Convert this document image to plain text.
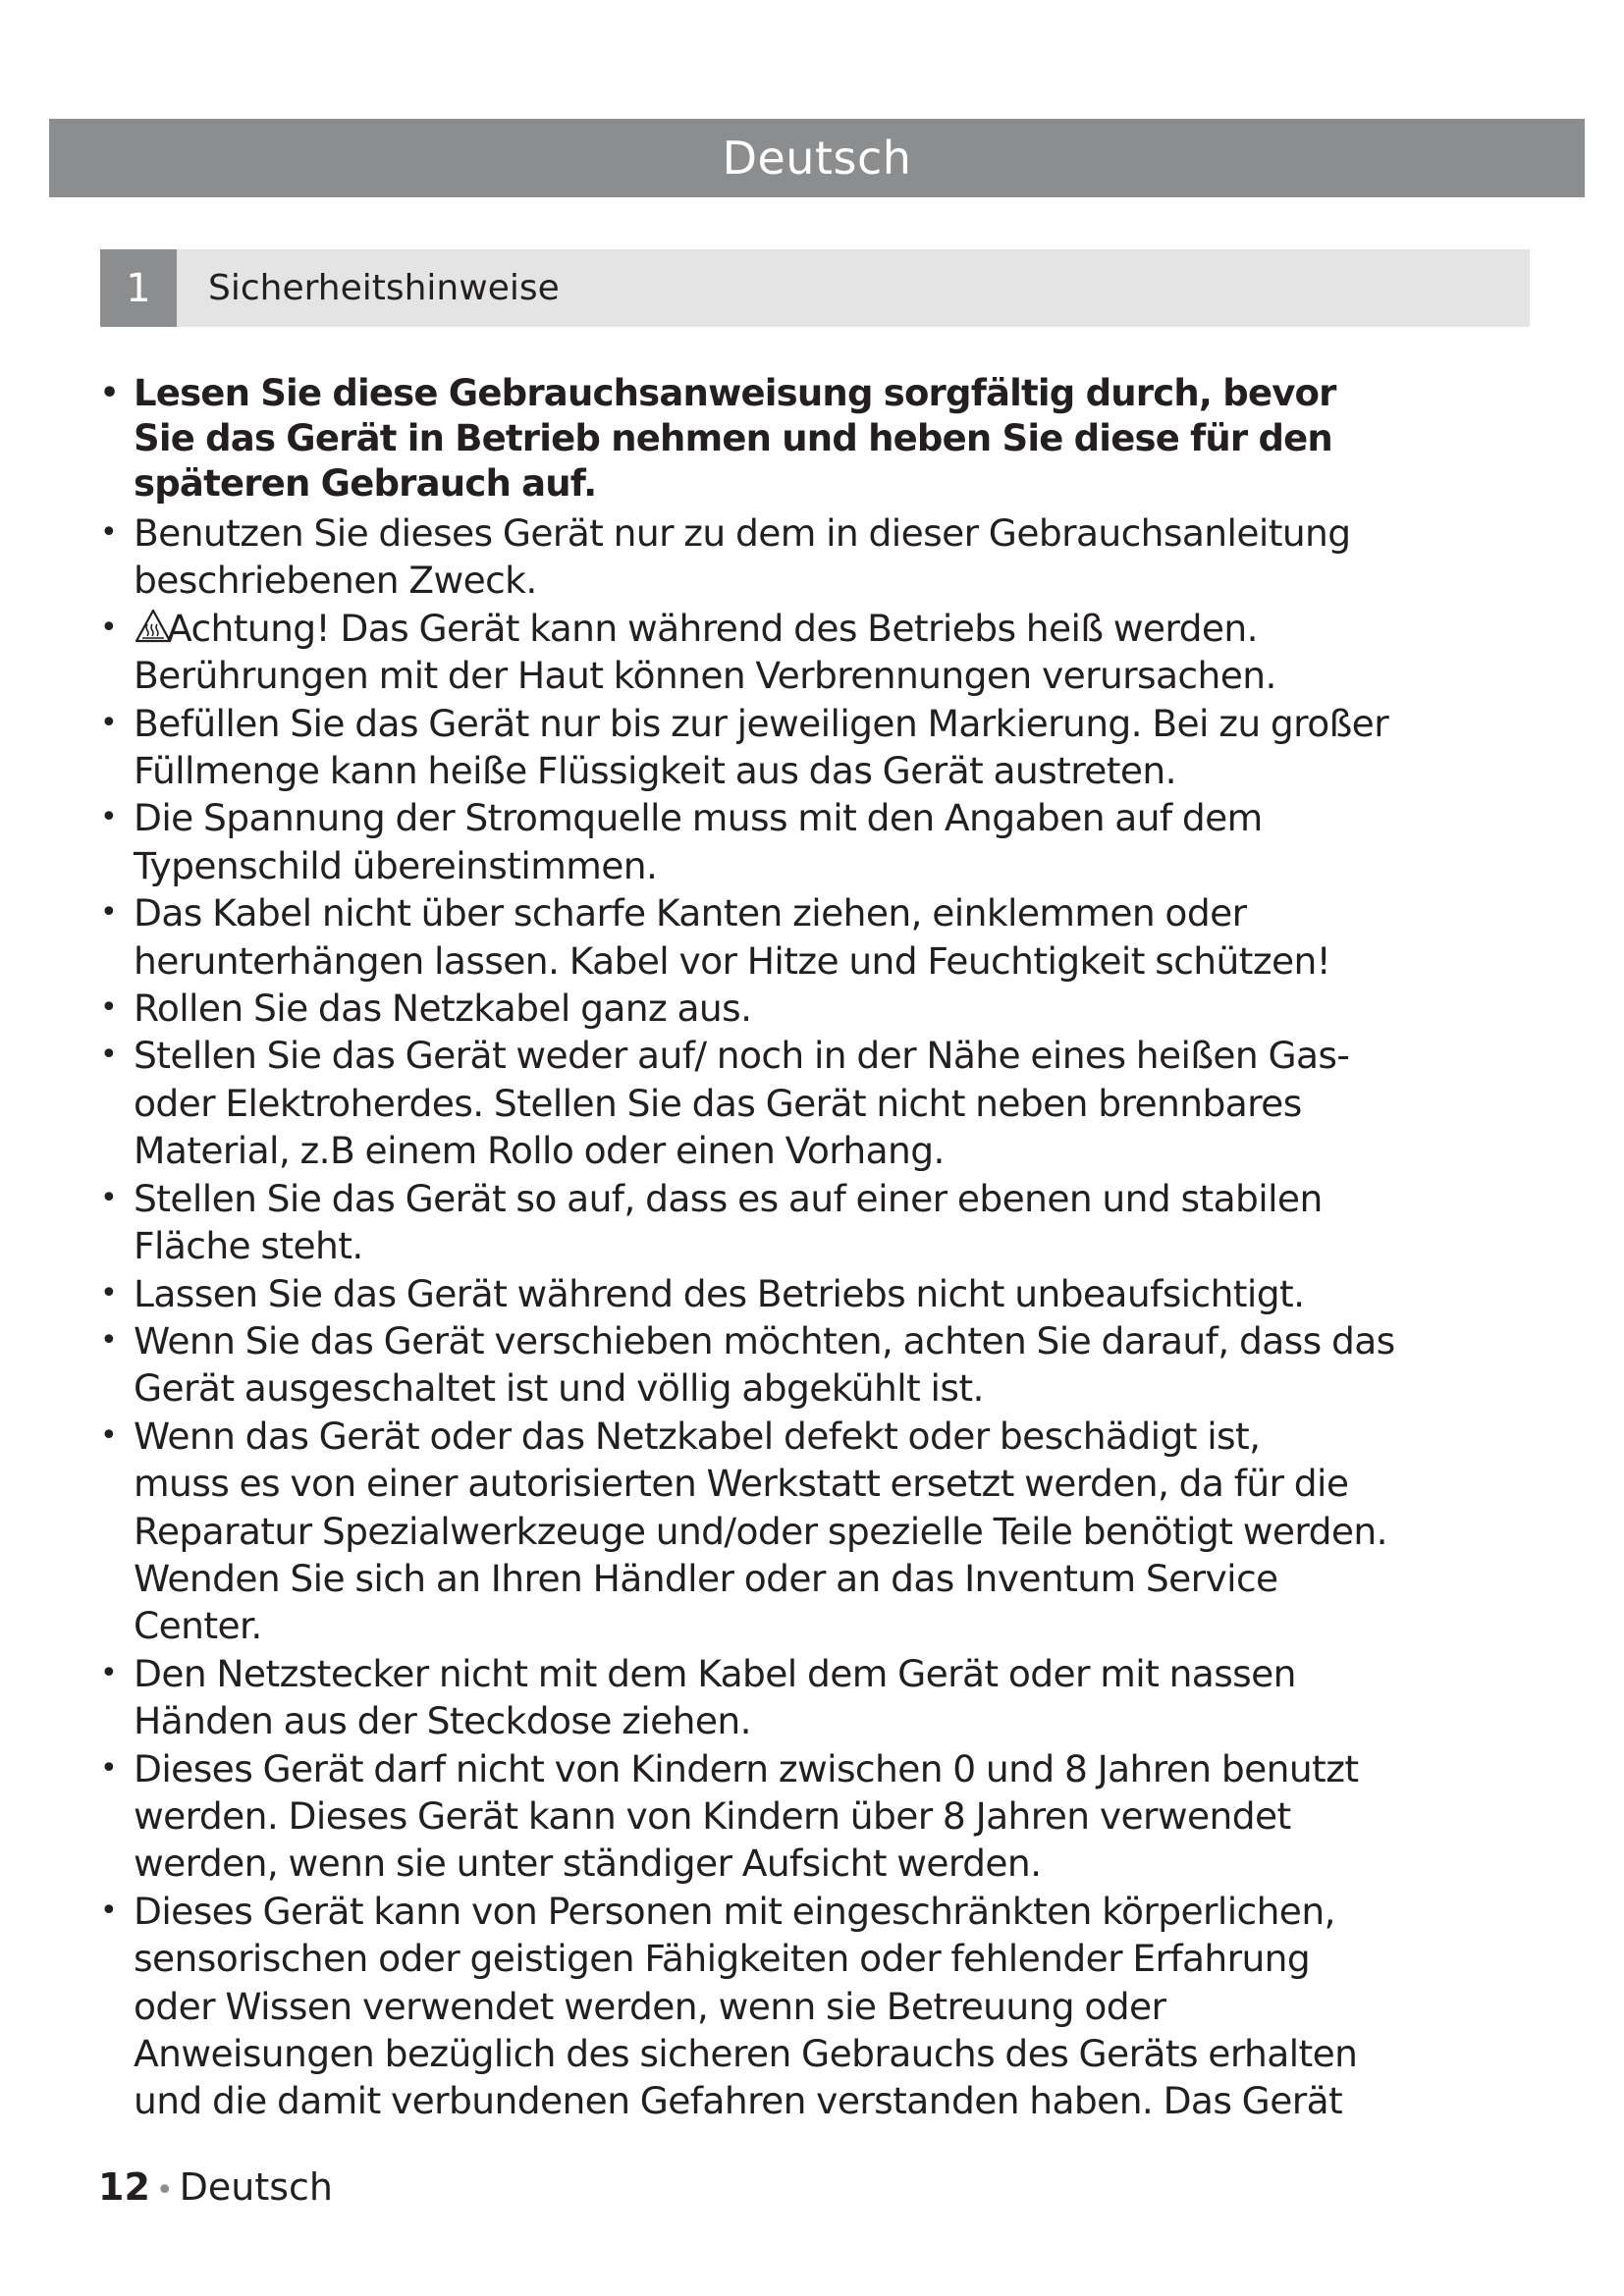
Deutsch
1	Sicherheitshinweise
• Lesen Sie diese Gebrauchsanweisung sorgfältig durch, bevor
Sie das Gerät in Betrieb nehmen und heben Sie diese für den
späteren Gebrauch auf.
• Benutzen Sie dieses Gerät nur zu dem in dieser Gebrauchsanleitung
beschriebenen Zweck.
•	Achtung! Das Gerät kann während des Betriebs heiß werden.
Berührungen mit der Haut können Verbrennungen verursachen.
• Befüllen Sie das Gerät nur bis zur jeweiligen Markierung. Bei zu großer
Füllmenge kann heiße Flüssigkeit aus das Gerät austreten.
• Die Spannung der Stromquelle muss mit den Angaben auf dem
Typenschild übereinstimmen.
• Das Kabel nicht über scharfe Kanten ziehen, einklemmen oder
herunterhängen lassen. Kabel vor Hitze und Feuchtigkeit schützen!
• Rollen Sie das Netzkabel ganz aus.
• Stellen Sie das Gerät weder auf/ noch in der Nähe eines heißen Gas-
oder Elektroherdes. Stellen Sie das Gerät nicht neben brennbares
Material, z.B einem Rollo oder einen Vorhang.
• Stellen Sie das Gerät so auf, dass es auf einer ebenen und stabilen
Fläche steht.
• Lassen Sie das Gerät während des Betriebs nicht unbeaufsichtigt.
• Wenn Sie das Gerät verschieben möchten, achten Sie darauf, dass das
Gerät ausgeschaltet ist und völlig abgekühlt ist.
• Wenn das Gerät oder das Netzkabel defekt oder beschädigt ist,
muss es von einer autorisierten Werkstatt ersetzt werden, da für die
Reparatur Spezialwerkzeuge und/oder spezielle Teile benötigt werden.
Wenden Sie sich an Ihren Händler oder an das Inventum Service
Center.
• Den Netzstecker nicht mit dem Kabel dem Gerät oder mit nassen
Händen aus der Steckdose ziehen.
• Dieses Gerät darf nicht von Kindern zwischen 0 und 8 Jahren benutzt
werden. Dieses Gerät kann von Kindern über 8 Jahren verwendet
werden, wenn sie unter ständiger Aufsicht werden.
• Dieses Gerät kann von Personen mit eingeschränkten körperlichen,
sensorischen oder geistigen Fähigkeiten oder fehlender Erfahrung
oder Wissen verwendet werden, wenn sie Betreuung oder
Anweisungen bezüglich des sicheren Gebrauchs des Geräts erhalten
und die damit verbundenen Gefahren verstanden haben. Das Gerät
12 • Deutsch
